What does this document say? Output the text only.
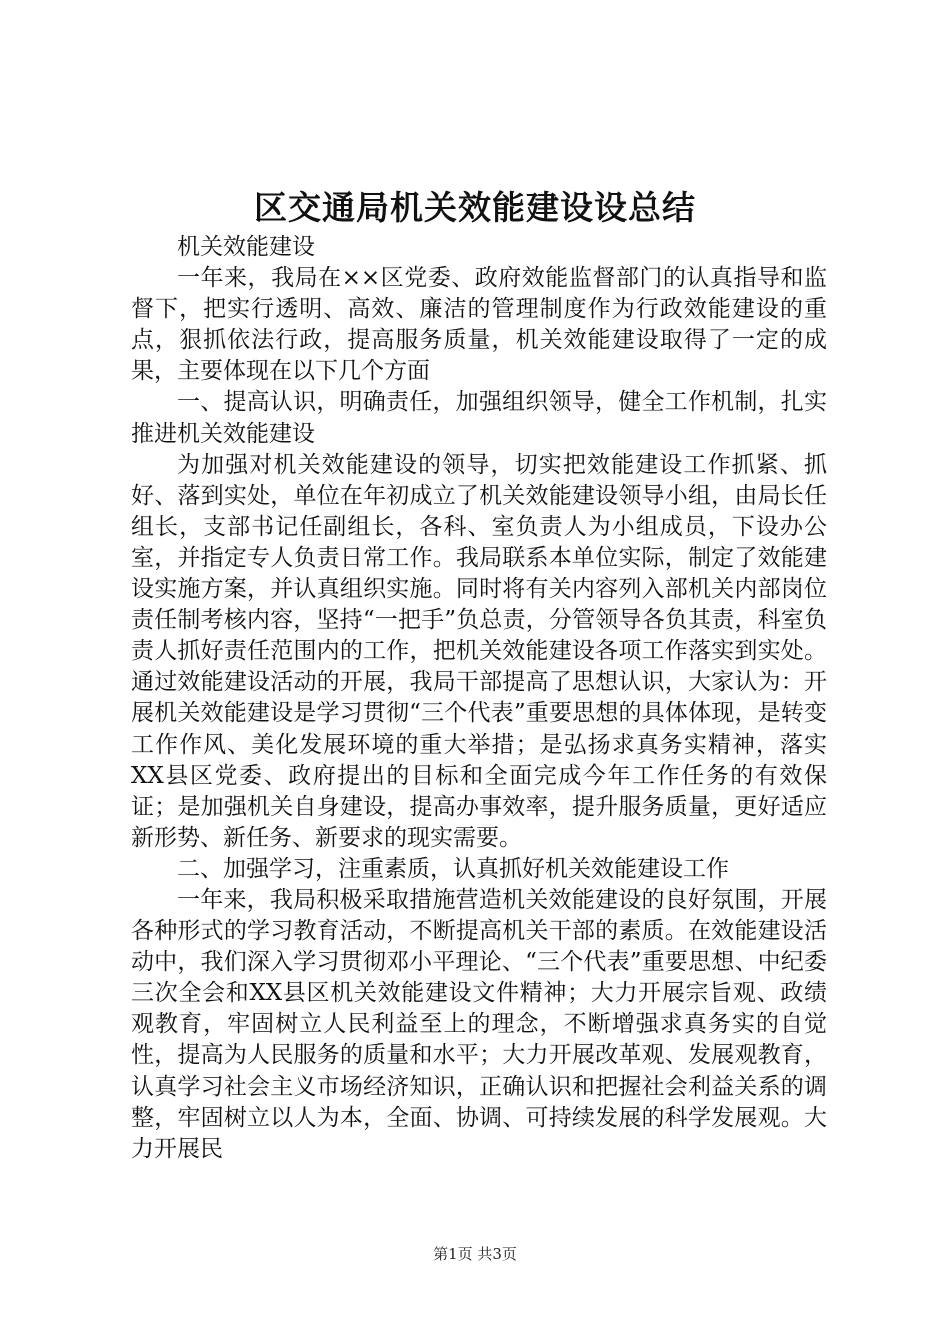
区交通局机关效能建设设总结

机关效能建设

一年来，我局在××区党委、政府效能监督部门的认真指导和监督下，把实行透明、高效、廉洁的管理制度作为行政效能建设的重点，狠抓依法行政，提高服务质量，机关效能建设取得了一定的成果，主要体现在以下几个方面

一、提高认识，明确责任，加强组织领导，健全工作机制，扎实推进机关效能建设

为加强对机关效能建设的领导，切实把效能建设工作抓紧、抓好、落到实处，单位在年初成立了机关效能建设领导小组，由局长任组长，支部书记任副组长，各科、室负责人为小组成员，下设办公室，并指定专人负责日常工作。我局联系本单位实际，制定了效能建设实施方案，并认真组织实施。同时将有关内容列入部机关内部岗位责任制考核内容，坚持“一把手”负总责，分管领导各负其责，科室负责人抓好责任范围内的工作，把机关效能建设各项工作落实到实处。通过效能建设活动的开展，我局干部提高了思想认识，大家认为：开展机关效能建设是学习贯彻“三个代表”重要思想的具体体现，是转变工作作风、美化发展环境的重大举措；是弘扬求真务实精神，落实XX县区党委、政府提出的目标和全面完成今年工作任务的有效保证；是加强机关自身建设，提高办事效率，提升服务质量，更好适应新形势、新任务、新要求的现实需要。

二、加强学习，注重素质，认真抓好机关效能建设工作

一年来，我局积极采取措施营造机关效能建设的良好氛围，开展各种形式的学习教育活动，不断提高机关干部的素质。在效能建设活动中，我们深入学习贯彻邓小平理论、“三个代表”重要思想、中纪委三次全会和XX县区机关效能建设文件精神；大力开展宗旨观、政绩观教育，牢固树立人民利益至上的理念，不断增强求真务实的自觉性，提高为人民服务的质量和水平；大力开展改革观、发展观教育，认真学习社会主义市场经济知识，正确认识和把握社会利益关系的调整，牢固树立以人为本，全面、协调、可持续发展的科学发展观。大力开展民

第1页 共3页
